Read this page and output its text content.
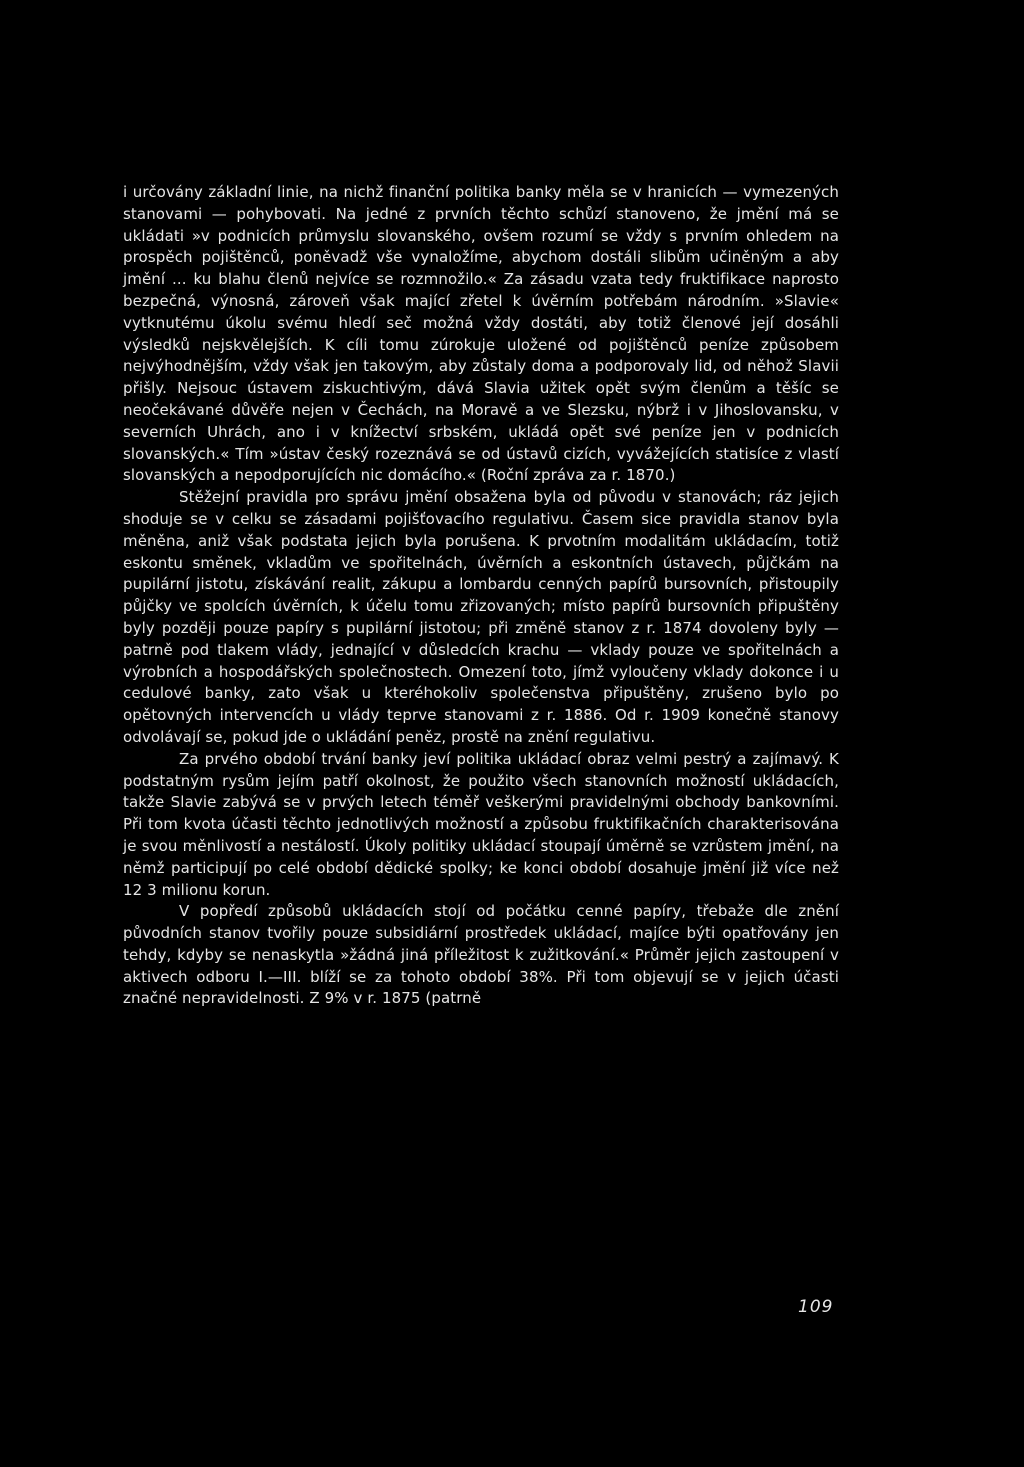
i určovány základní linie, na nichž finanční politika banky měla se v hranicích — vymezených stanovami — pohybovati. Na jedné z prvních těchto schůzí stanoveno, že jmění má se ukládati »v podnicích průmyslu slovanského, ovšem rozumí se vždy s prvním ohledem na prospěch pojištěnců, poněvadž vše vynaložíme, abychom dostáli slibům učiněným a aby jmění ... ku blahu členů nejvíce se rozmnožilo.« Za zásadu vzata tedy fruktifikace naprosto bezpečná, výnosná, zároveň však mající zřetel k úvěrním potřebám národním. »Slavie« vytknutému úkolu svému hledí seč možná vždy dostáti, aby totiž členové její dosáhli výsledků nejskvělejších. K cíli tomu zúrokuje uložené od pojištěnců peníze způsobem nejvýhodnějším, vždy však jen takovým, aby zůstaly doma a podporovaly lid, od něhož Slavii přišly. Nejsouc ústavem ziskuchtivým, dává Slavia užitek opět svým členům a těšíc se neočekávané důvěře nejen v Čechách, na Moravě a ve Slezsku, nýbrž i v Jihoslovansku, v severních Uhrách, ano i v knížectví srbském, ukládá opět své peníze jen v podnicích slovanských.« Tím »ústav český rozeznává se od ústavů cizích, vyvážejících statisíce z vlastí slovanských a nepodporujících nic domácího.« (Roční zpráva za r. 1870.)

Stěžejní pravidla pro správu jmění obsažena byla od původu v stanovách; ráz jejich shoduje se v celku se zásadami pojišťovacího regulativu. Časem sice pravidla stanov byla měněna, aniž však podstata jejich byla porušena. K prvotním modalitám ukládacím, totiž eskontu směnek, vkladům ve spořitelnách, úvěrních a eskontních ústavech, půjčkám na pupilární jistotu, získávání realit, zákupu a lombardu cenných papírů bursovních, přistoupily půjčky ve spolcích úvěrních, k účelu tomu zřizovaných; místo papírů bursovních připuštěny byly později pouze papíry s pupilární jistotou; při změně stanov z r. 1874 dovoleny byly — patrně pod tlakem vlády, jednající v důsledcích krachu — vklady pouze ve spořitelnách a výrobních a hospodářských společnostech. Omezení toto, jímž vyloučeny vklady dokonce i u cedulové banky, zato však u kteréhokoliv společenstva připuštěny, zrušeno bylo po opětovných intervencích u vlády teprve stanovami z r. 1886. Od r. 1909 konečně stanovy odvolávají se, pokud jde o ukládání peněz, prostě na znění regulativu.

Za prvého období trvání banky jeví politika ukládací obraz velmi pestrý a zajímavý. K podstatným rysům jejím patří okolnost, že použito všech stanovních možností ukládacích, takže Slavie zabývá se v prvých letech téměř veškerými pravidelnými obchody bankovními. Při tom kvota účasti těchto jednotlivých možností a způsobu fruktifikačních charakterisována je svou měnlivostí a nestálostí. Úkoly politiky ukládací stoupají úměrně se vzrůstem jmění, na němž participují po celé období dědické spolky; ke konci období dosahuje jmění již více než 12 3 milionu korun.

V popředí způsobů ukládacích stojí od počátku cenné papíry, třebaže dle znění původních stanov tvořily pouze subsidiární prostředek ukládací, majíce býti opatřovány jen tehdy, kdyby se nenaskytla »žádná jiná příležitost k zužitkování.« Průměr jejich zastoupení v aktivech odboru I.—III. blíží se za tohoto období 38%. Při tom objevují se v jejich účasti značné nepravidelnosti. Z 9% v r. 1875 (patrně

109
